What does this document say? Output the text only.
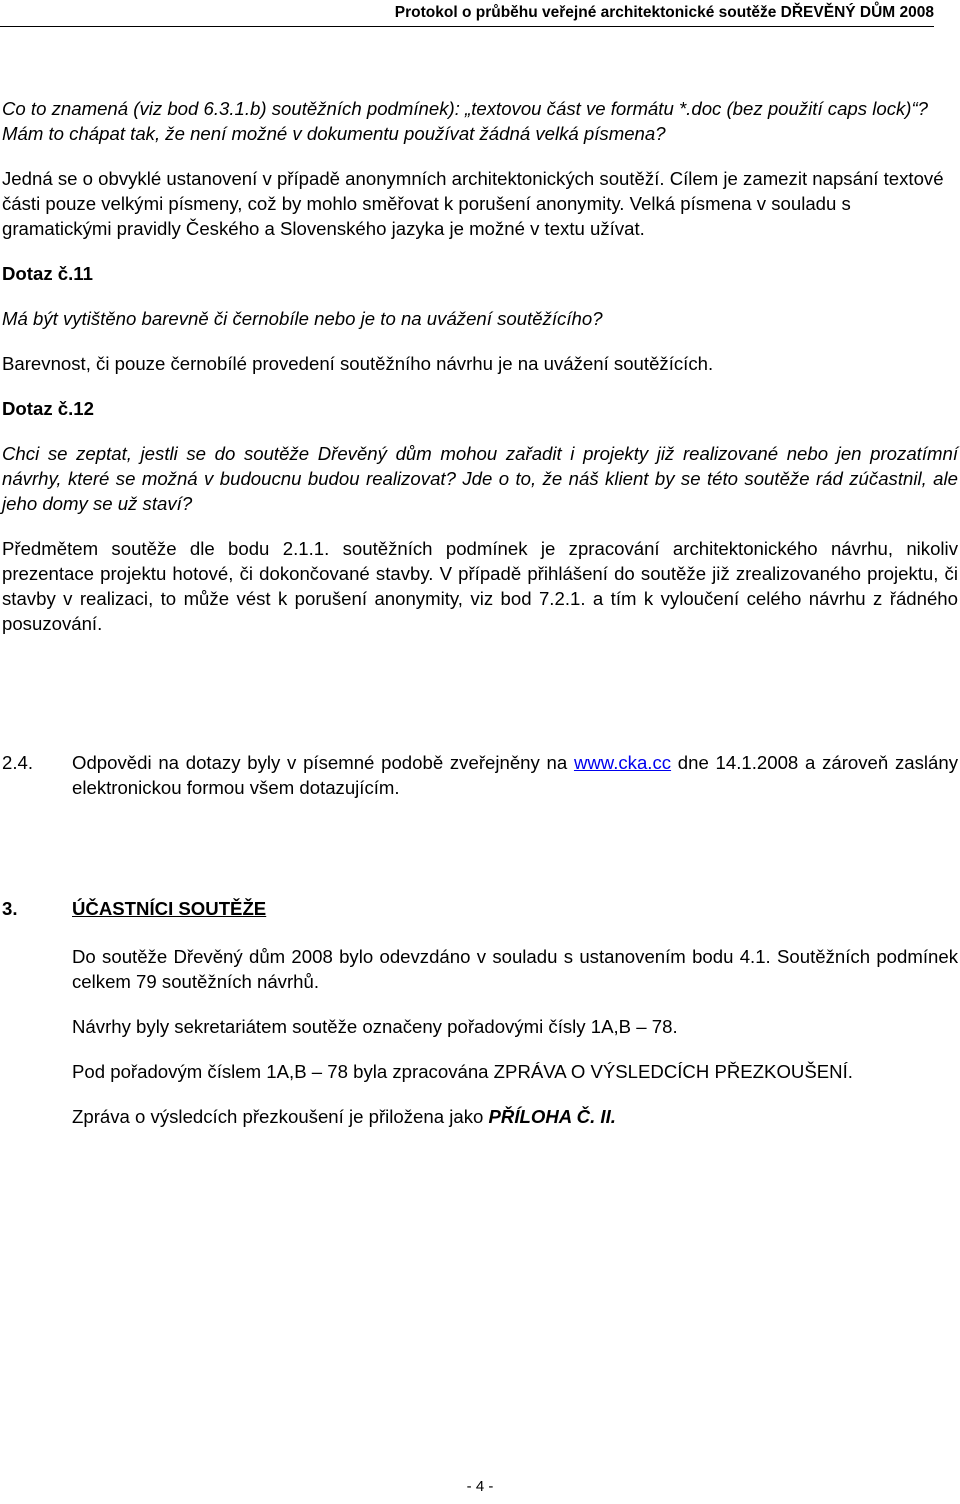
Protokol o průběhu veřejné architektonické soutěže DŘEVĚNÝ DŮM 2008

Co to znamená (viz bod 6.3.1.b) soutěžních podmínek): „textovou část ve formátu *.doc (bez použití caps lock)“? Mám to chápat tak, že není možné v dokumentu používat žádná velká písmena?

Jedná se o obvyklé ustanovení v případě anonymních architektonických soutěží. Cílem je zamezit napsání textové části pouze velkými písmeny, což by mohlo směřovat k porušení anonymity. Velká písmena v souladu s gramatickými pravidly Českého a Slovenského jazyka je možné v textu užívat.

Dotaz č.11

Má být vytištěno barevně či černobíle nebo je to na uvážení soutěžícího?

Barevnost, či pouze černobílé provedení soutěžního návrhu je na uvážení soutěžících.

Dotaz č.12

Chci se zeptat, jestli se do soutěže Dřevěný dům mohou zařadit i projekty již realizované nebo jen prozatímní návrhy, které se možná v budoucnu budou realizovat? Jde o to, že náš klient by se této soutěže rád zúčastnil, ale jeho domy se už staví?

Předmětem soutěže dle bodu 2.1.1. soutěžních podmínek je zpracování architektonického návrhu, nikoliv prezentace projektu hotové, či dokončované stavby. V případě přihlášení do soutěže již zrealizovaného projektu, či stavby v realizaci, to může vést k porušení anonymity, viz bod 7.2.1. a tím k vyloučení celého návrhu z řádného posuzování.

2.4. Odpovědi na dotazy byly v písemné podobě zveřejněny na www.cka.cc dne 14.1.2008 a zároveň zaslány elektronickou formou všem dotazujícím.

3.	ÚČASTNÍCI SOUTĚŽE

Do soutěže Dřevěný dům 2008 bylo odevzdáno v souladu s ustanovením bodu 4.1. Soutěžních podmínek celkem 79 soutěžních návrhů.

Návrhy byly sekretariátem soutěže označeny pořadovými čísly 1A,B – 78.

Pod pořadovým číslem 1A,B – 78 byla zpracována ZPRÁVA O VÝSLEDCÍCH PŘEZKOUŠENÍ.

Zpráva o výsledcích přezkoušení je přiložena jako PŘÍLOHA Č. II.

- 4 -
